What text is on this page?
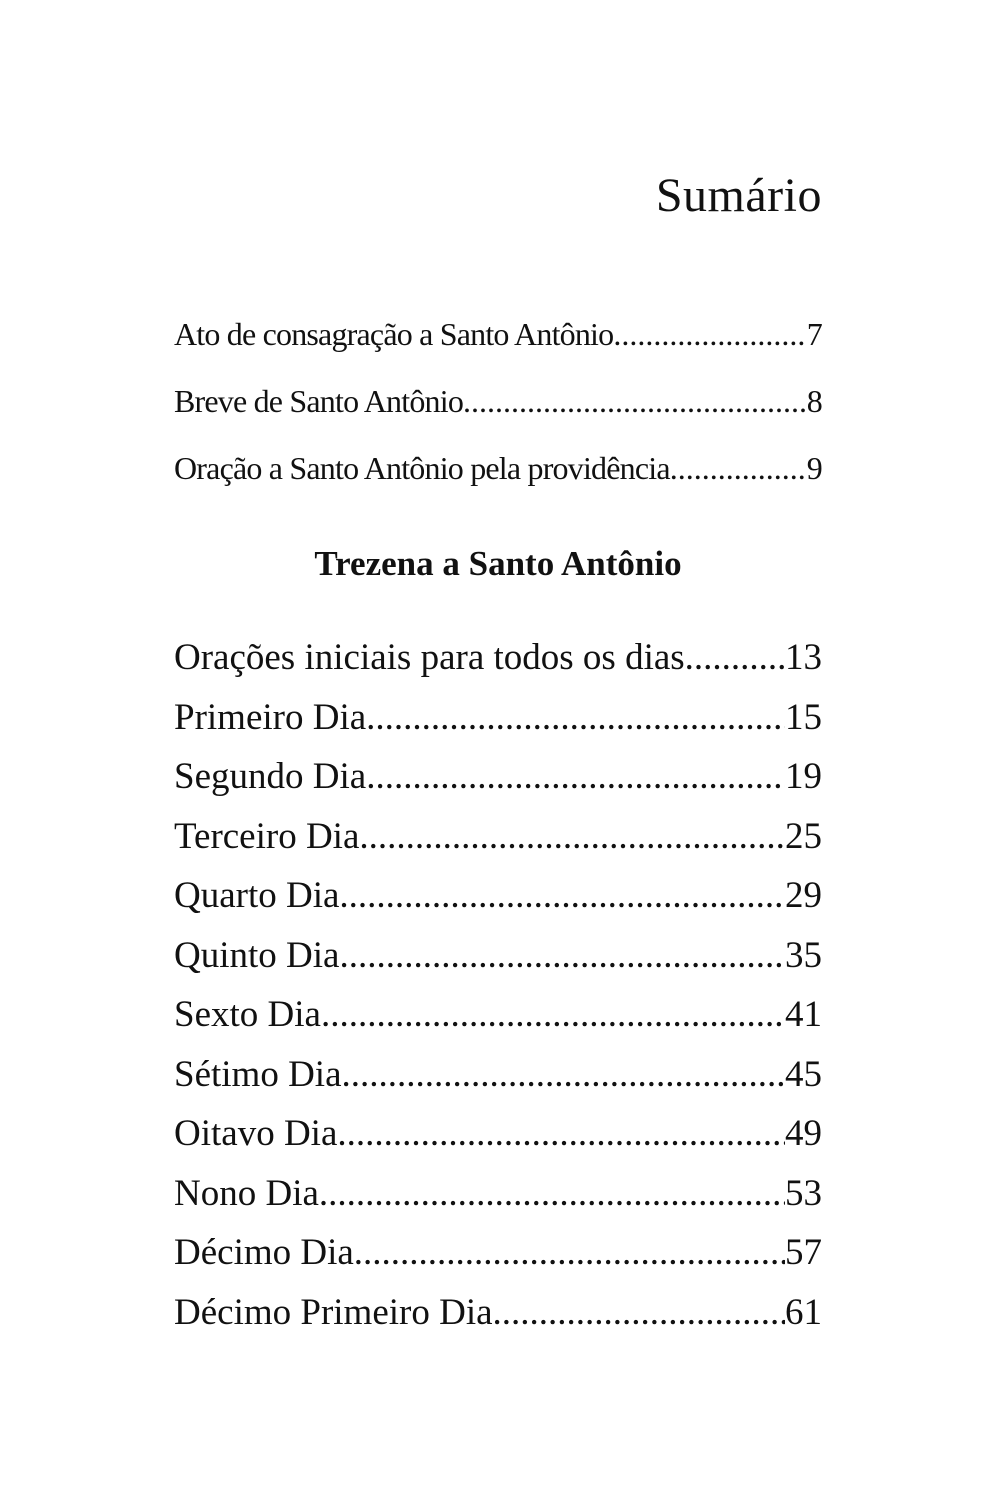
Sumário
Ato de consagração a Santo Antônio .....	7
Breve de Santo Antônio .....	8
Oração a Santo Antônio pela providência .....	9
Trezena a Santo Antônio
Orações iniciais para todos os dias .....	13
Primeiro Dia .....	15
Segundo Dia .....	19
Terceiro Dia .....	25
Quarto Dia .....	29
Quinto Dia .....	35
Sexto Dia .....	41
Sétimo Dia .....	45
Oitavo Dia .....	49
Nono Dia .....	53
Décimo Dia .....	57
Décimo Primeiro Dia .....	61
